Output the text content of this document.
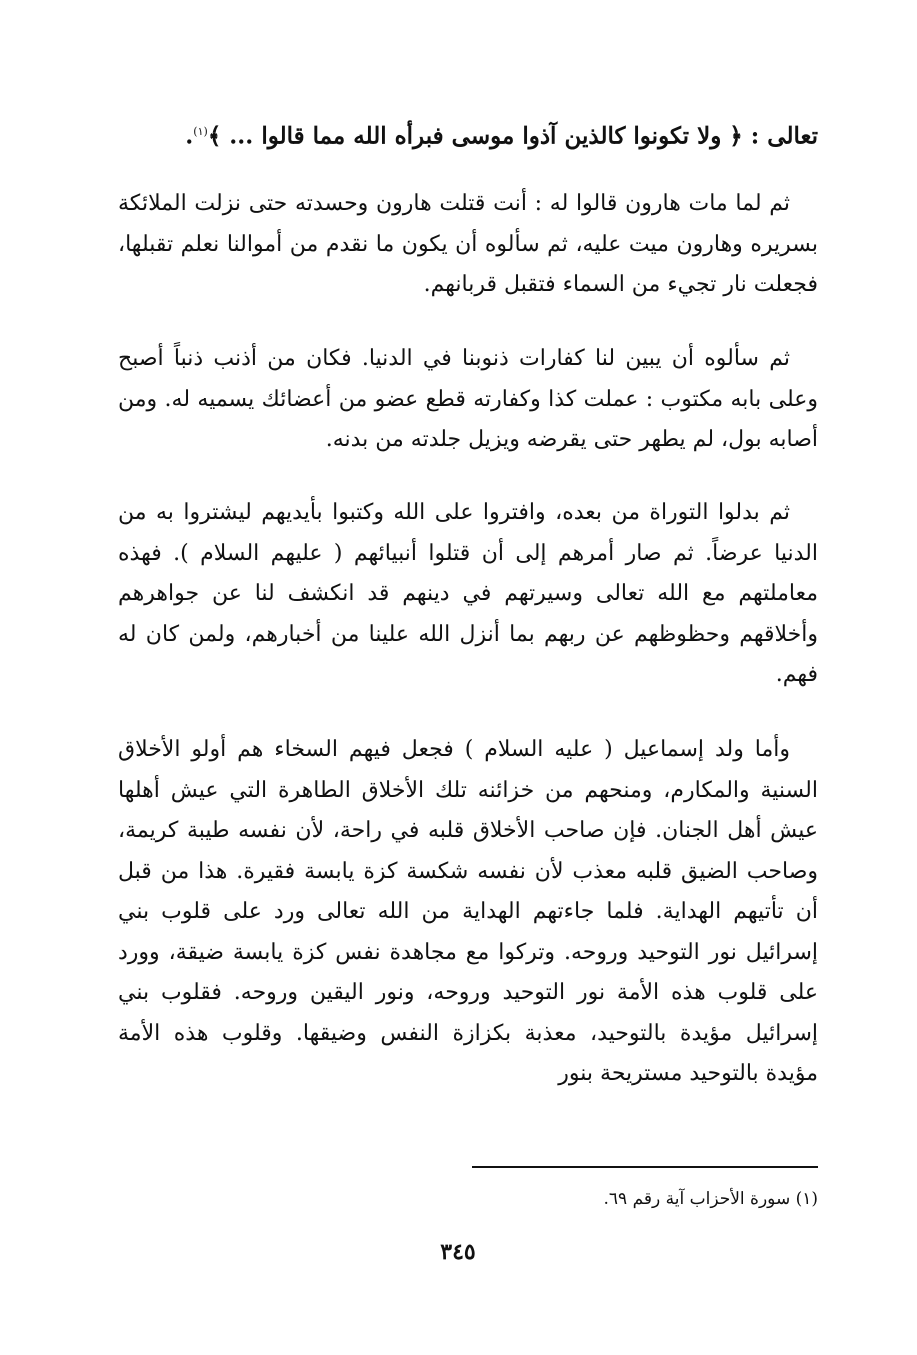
تعالى : ﴿ ولا تكونوا كالذين آذوا موسى فبرأه الله مما قالوا ... ﴾$^{(١)}$.

ثم لما مات هارون قالوا له : أنت قتلت هارون وحسدته حتى نزلت الملائكة بسريره وهارون ميت عليه، ثم سألوه أن يكون ما نقدم من أموالنا نعلم تقبلها، فجعلت نار تجيء من السماء فتقبل قربانهم.

ثم سألوه أن يبين لنا كفارات ذنوبنا في الدنيا. فكان من أذنب ذنباً أصبح وعلى بابه مكتوب : عملت كذا وكفارته قطع عضو من أعضائك يسميه له. ومن أصابه بول، لم يطهر حتى يقرضه ويزيل جلدته من بدنه.

ثم بدلوا التوراة من بعده، وافتروا على الله وكتبوا بأيديهم ليشتروا به من الدنيا عرضاً. ثم صار أمرهم إلى أن قتلوا أنبيائهم ( عليهم السلام ). فهذه معاملتهم مع الله تعالى وسيرتهم في دينهم قد انكشف لنا عن جواهرهم وأخلاقهم وحظوظهم عن ربهم بما أنزل الله علينا من أخبارهم، ولمن كان له فهم.

وأما ولد إسماعيل ( عليه السلام ) فجعل فيهم السخاء هم أولو الأخلاق السنية والمكارم، ومنحهم من خزائنه تلك الأخلاق الطاهرة التي عيش أهلها عيش أهل الجنان. فإن صاحب الأخلاق قلبه في راحة، لأن نفسه طيبة كريمة، وصاحب الضيق قلبه معذب لأن نفسه شكسة كزة يابسة فقيرة. هذا من قبل أن تأتيهم الهداية. فلما جاءتهم الهداية من الله تعالى ورد على قلوب بني إسرائيل نور التوحيد وروحه. وتركوا مع مجاهدة نفس كزة يابسة ضيقة، وورد على قلوب هذه الأمة نور التوحيد وروحه، ونور اليقين وروحه. فقلوب بني إسرائيل مؤيدة بالتوحيد، معذبة بكزازة النفس وضيقها. وقلوب هذه الأمة مؤيدة بالتوحيد مستريحة بنور

(١) سورة الأحزاب آية رقم ٦٩.
٣٤٥
